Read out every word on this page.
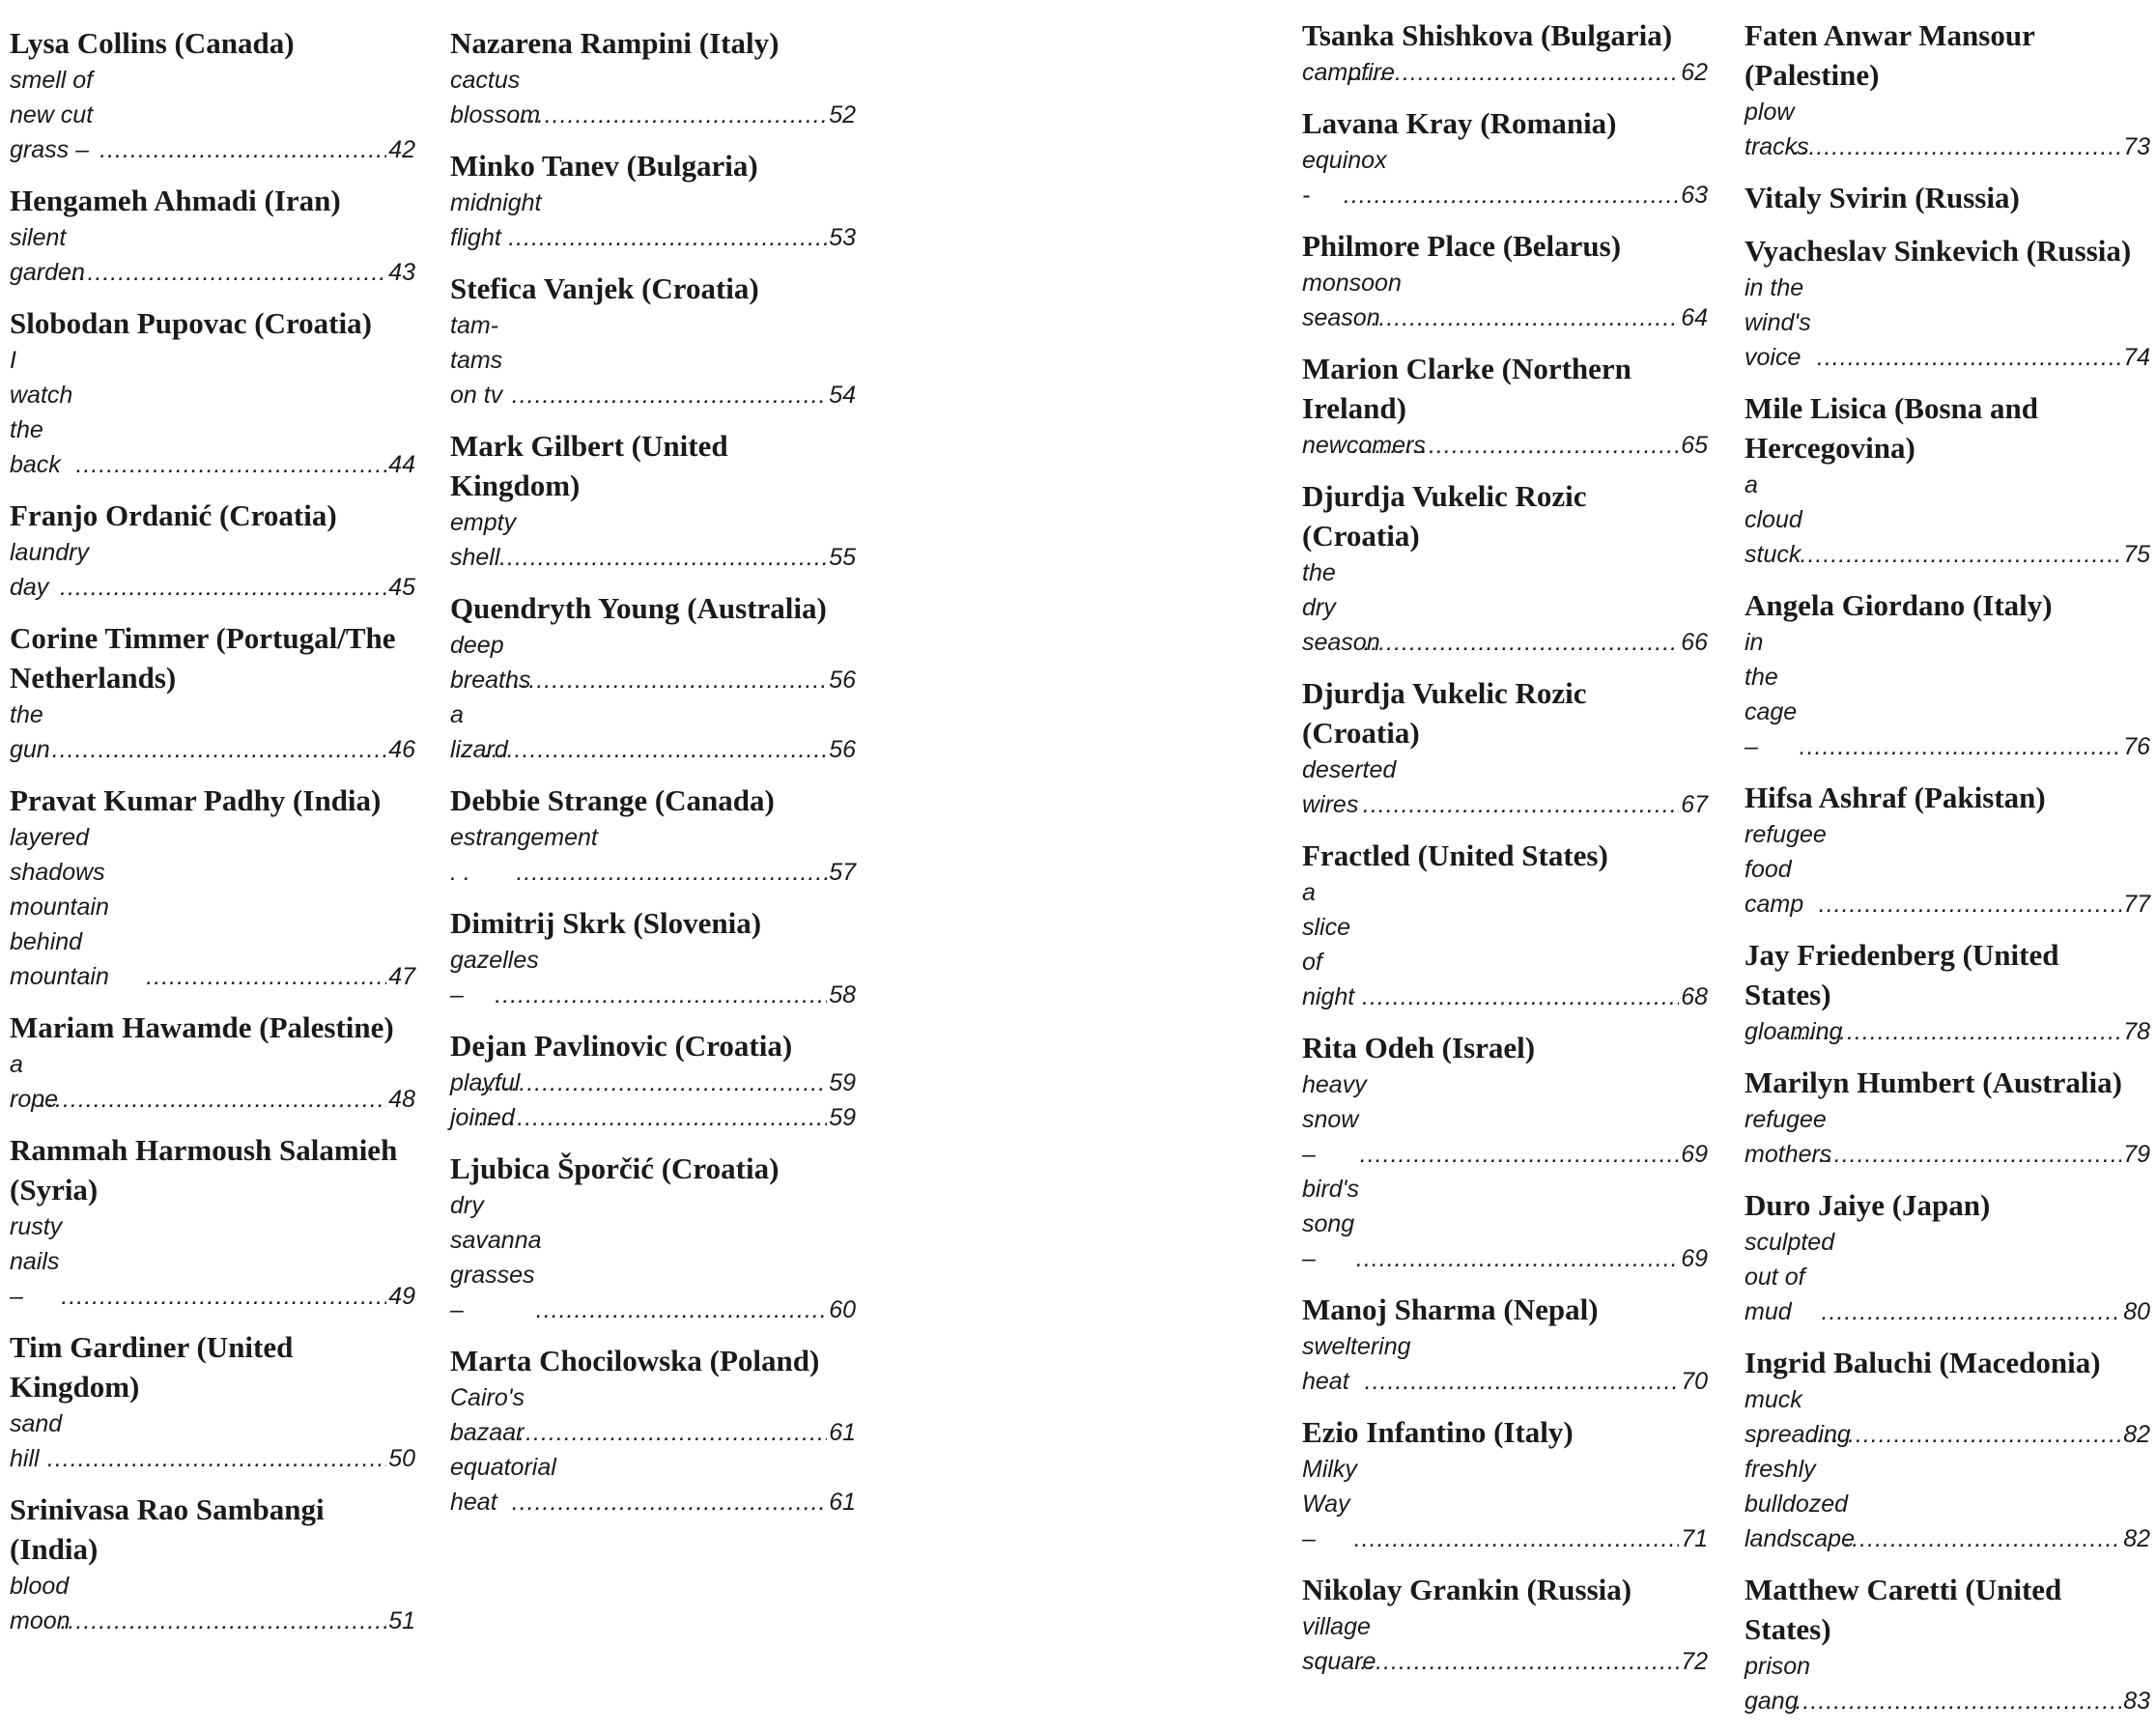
Lysa Collins (Canada)
smell of new cut grass – .....	42
Hengameh Ahmadi (Iran)
silent garden .....	43
Slobodan Pupovac (Croatia)
I watch the back .....	44
Franjo Ordanić (Croatia)
laundry day .....	45
Corine Timmer (Portugal/The Netherlands)
the gun .....	46
Pravat Kumar Padhy (India)
layered shadows mountain behind mountain .....	47
Mariam Hawamde (Palestine)
a rope .....	48
Rammah Harmoush Salamieh (Syria)
rusty nails – .....	49
Tim Gardiner (United Kingdom)
sand hill .....	50
Srinivasa Rao Sambangi (India)
blood moon .....	51
Nazarena Rampini (Italy)
cactus blossom .....	52
Minko Tanev (Bulgaria)
midnight flight .....	53
Stefica Vanjek (Croatia)
tam-tams on tv .....	54
Mark Gilbert (United Kingdom)
empty shell .....	55
Quendryth Young (Australia)
deep breaths .....	56
a lizard .....	56
Debbie Strange (Canada)
estrangement . . .....	57
Dimitrij Skrk (Slovenia)
gazelles – .....	58
Dejan Pavlinovic (Croatia)
playful .....	59
joined .....	59
Ljubica Šporčić (Croatia)
dry savanna grasses – .....	60
Marta Chocilowska (Poland)
Cairo's bazaar .....	61
equatorial heat .....	61
Tsanka Shishkova (Bulgaria)
campfire .....	62
Lavana Kray (Romania)
equinox - .....	63
Philmore Place (Belarus)
monsoon season .....	64
Marion Clarke (Northern Ireland)
newcomers .....	65
Djurdja Vukelic Rozic (Croatia)
the dry season .....	66
Djurdja Vukelic Rozic (Croatia)
deserted wires .....	67
Fractled (United States)
a slice of night .....	68
Rita Odeh (Israel)
heavy snow – .....	69
bird's song – .....	69
Manoj Sharma (Nepal)
sweltering heat .....	70
Ezio Infantino (Italy)
Milky Way – .....	71
Nikolay Grankin (Russia)
village square .....	72
Faten Anwar Mansour (Palestine)
plow tracks .....	73
Vitaly Svirin (Russia)
Vyacheslav Sinkevich (Russia)
in the wind's voice .....	74
Mile Lisica (Bosna and Hercegovina)
a cloud stuck .....	75
Angela Giordano (Italy)
in the cage – .....	76
Hifsa Ashraf (Pakistan)
refugee food camp .....	77
Jay Friedenberg (United States)
gloaming .....	78
Marilyn Humbert (Australia)
refugee mothers .....	79
Duro Jaiye (Japan)
sculpted out of mud .....	80
Ingrid Baluchi (Macedonia)
muck spreading .....	82
freshly bulldozed landscape .....	82
Matthew Caretti (United States)
prison gang .....	83
